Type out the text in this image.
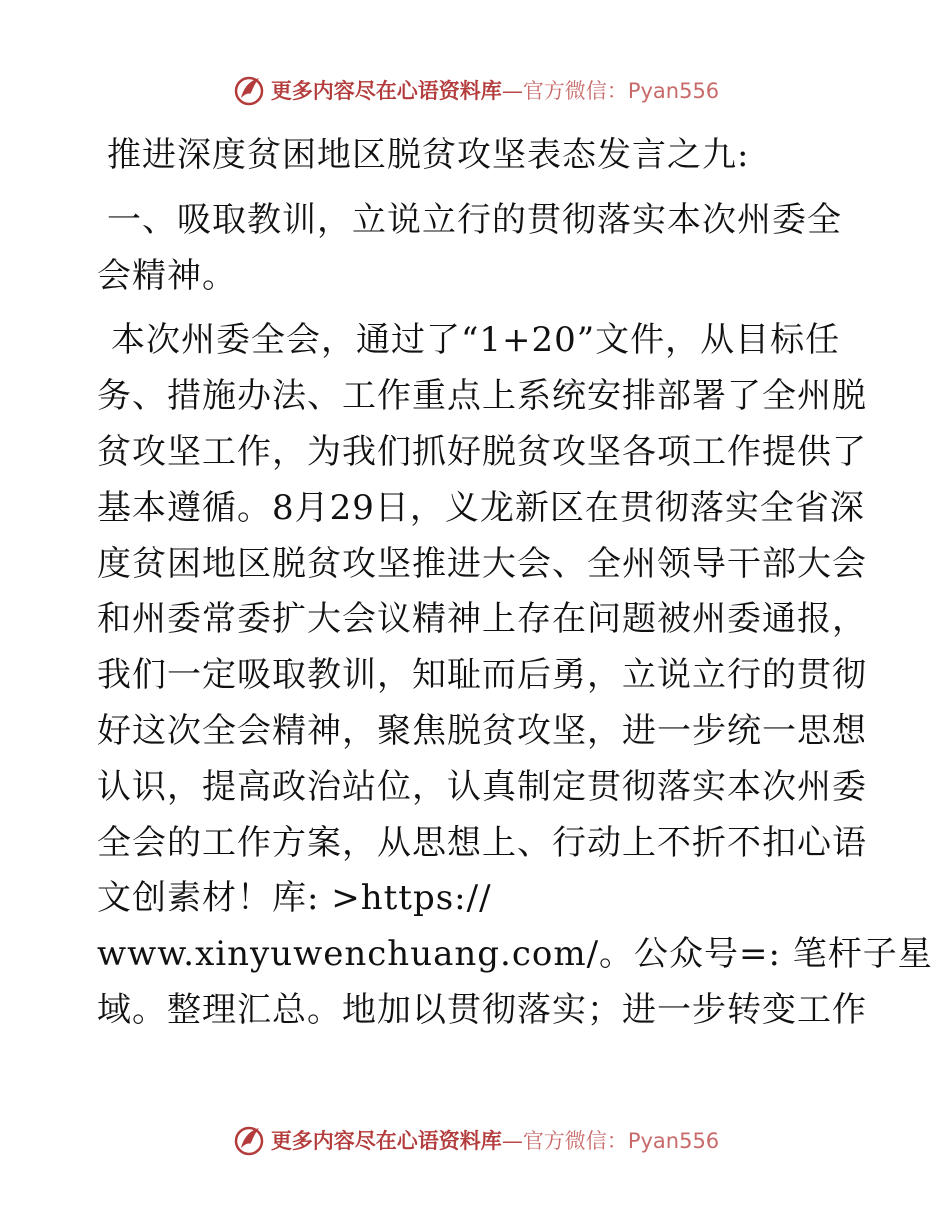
更多内容尽在心语资料库—官方微信：Pyan556

推进深度贫困地区脱贫攻坚表态发言之九:

一、吸取教训，立说立行的贯彻落实本次州委全
会精神。

本次州委全会，通过了“1+20”文件，从目标任
务、措施办法、工作重点上系统安排部署了全州脱
贫攻坚工作，为我们抓好脱贫攻坚各项工作提供了
基本遵循。8月29日，义龙新区在贯彻落实全省深
度贫困地区脱贫攻坚推进大会、全州领导干部大会
和州委常委扩大会议精神上存在问题被州委通报，
我们一定吸取教训，知耻而后勇，立说立行的贯彻
好这次全会精神，聚焦脱贫攻坚，进一步统一思想
认识，提高政治站位，认真制定贯彻落实本次州委
全会的工作方案，从思想上、行动上不折不扣心语
文创素材！库: >https://
www.xinyuwenchuang.com/。公众号=: 笔杆子星
域。整理汇总。地加以贯彻落实；进一步转变工作

更多内容尽在心语资料库—官方微信：Pyan556
